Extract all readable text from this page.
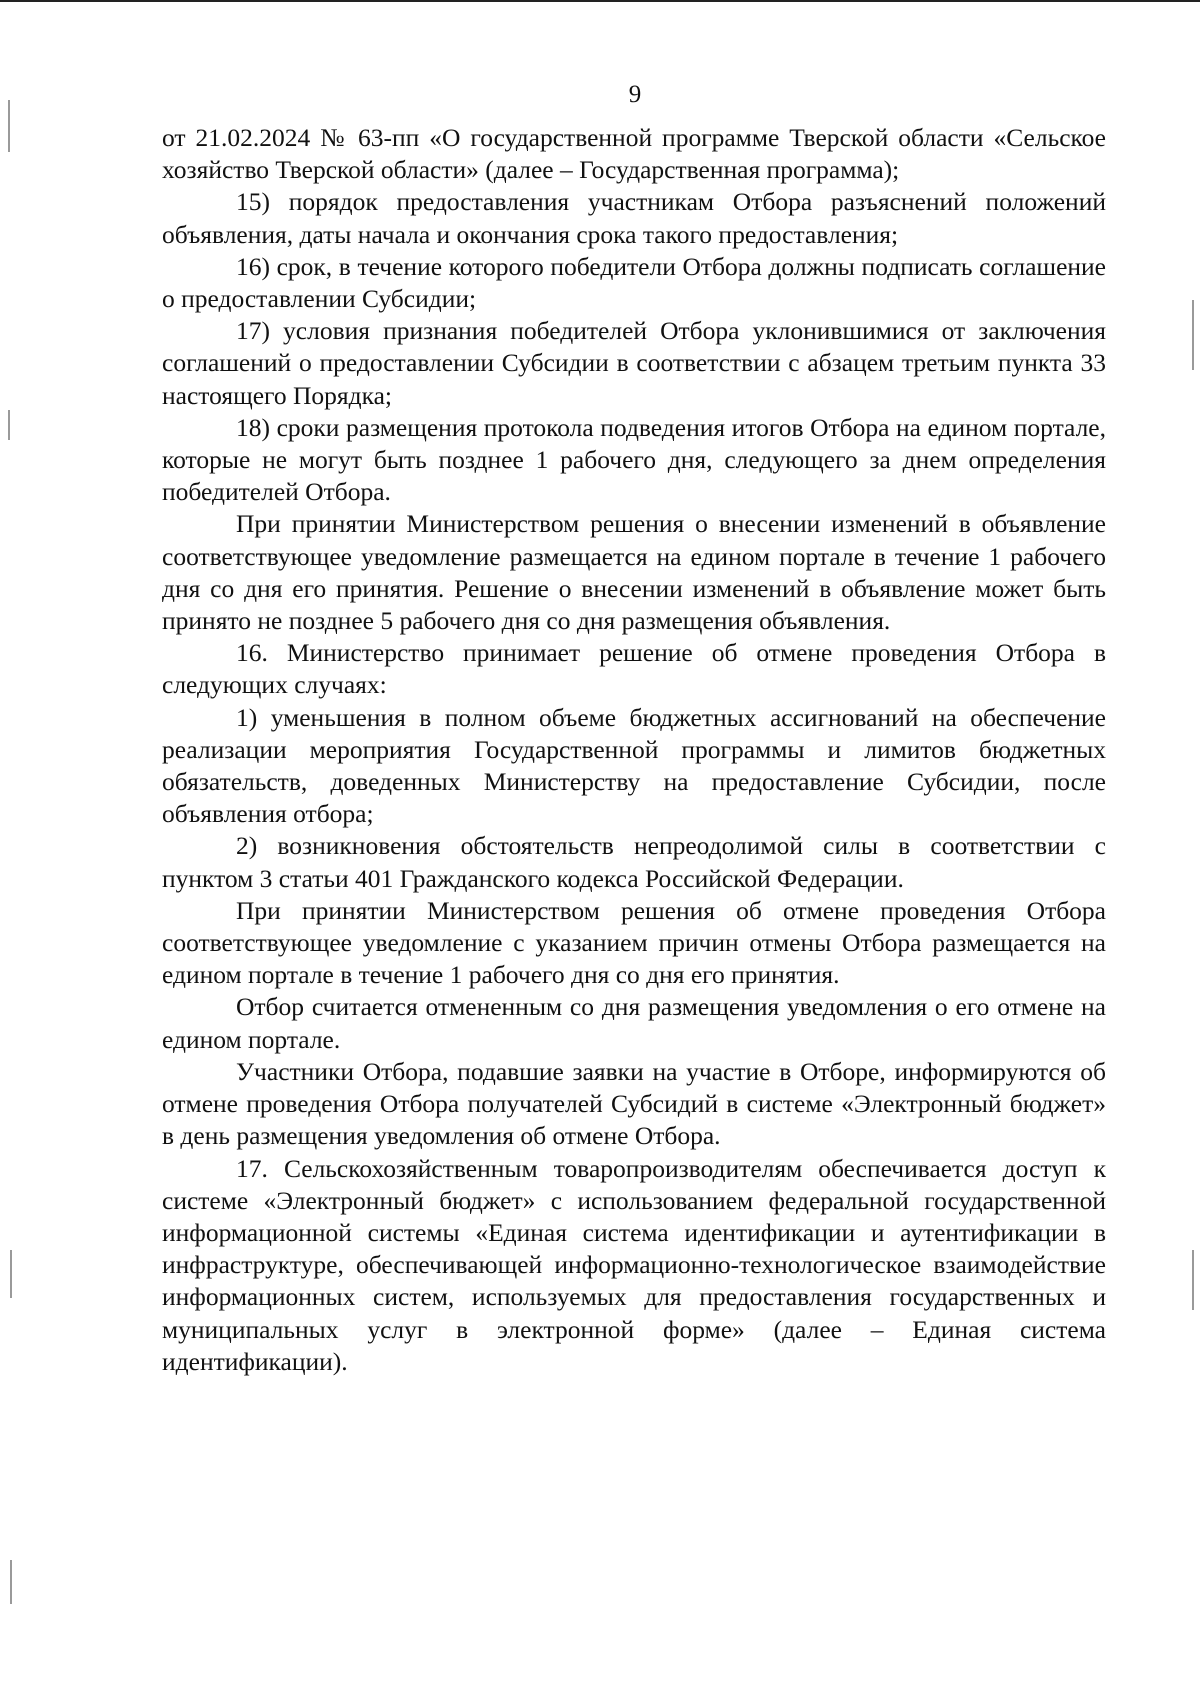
9

от 21.02.2024 № 63-пп «О государственной программе Тверской области «Сельское хозяйство Тверской области» (далее – Государственная программа);

15) порядок предоставления участникам Отбора разъяснений положений объявления, даты начала и окончания срока такого предоставления;

16) срок, в течение которого победители Отбора должны подписать соглашение о предоставлении Субсидии;

17) условия признания победителей Отбора уклонившимися от заключения соглашений о предоставлении Субсидии в соответствии с абзацем третьим пункта 33 настоящего Порядка;

18) сроки размещения протокола подведения итогов Отбора на едином портале, которые не могут быть позднее 1 рабочего дня, следующего за днем определения победителей Отбора.

При принятии Министерством решения о внесении изменений в объявление соответствующее уведомление размещается на едином портале в течение 1 рабочего дня со дня его принятия. Решение о внесении изменений в объявление может быть принято не позднее 5 рабочего дня со дня размещения объявления.

16. Министерство принимает решение об отмене проведения Отбора в следующих случаях:

1) уменьшения в полном объеме бюджетных ассигнований на обеспечение реализации мероприятия Государственной программы и лимитов бюджетных обязательств, доведенных Министерству на предоставление Субсидии, после объявления отбора;

2) возникновения обстоятельств непреодолимой силы в соответствии с пунктом 3 статьи 401 Гражданского кодекса Российской Федерации.

При принятии Министерством решения об отмене проведения Отбора соответствующее уведомление с указанием причин отмены Отбора размещается на едином портале в течение 1 рабочего дня со дня его принятия.

Отбор считается отмененным со дня размещения уведомления о его отмене на едином портале.

Участники Отбора, подавшие заявки на участие в Отборе, информируются об отмене проведения Отбора получателей Субсидий в системе «Электронный бюджет» в день размещения уведомления об отмене Отбора.

17. Сельскохозяйственным товаропроизводителям обеспечивается доступ к системе «Электронный бюджет» с использованием федеральной государственной информационной системы «Единая система идентификации и аутентификации в инфраструктуре, обеспечивающей информационно-технологическое взаимодействие информационных систем, используемых для предоставления государственных и муниципальных услуг в электронной форме» (далее – Единая система идентификации).
